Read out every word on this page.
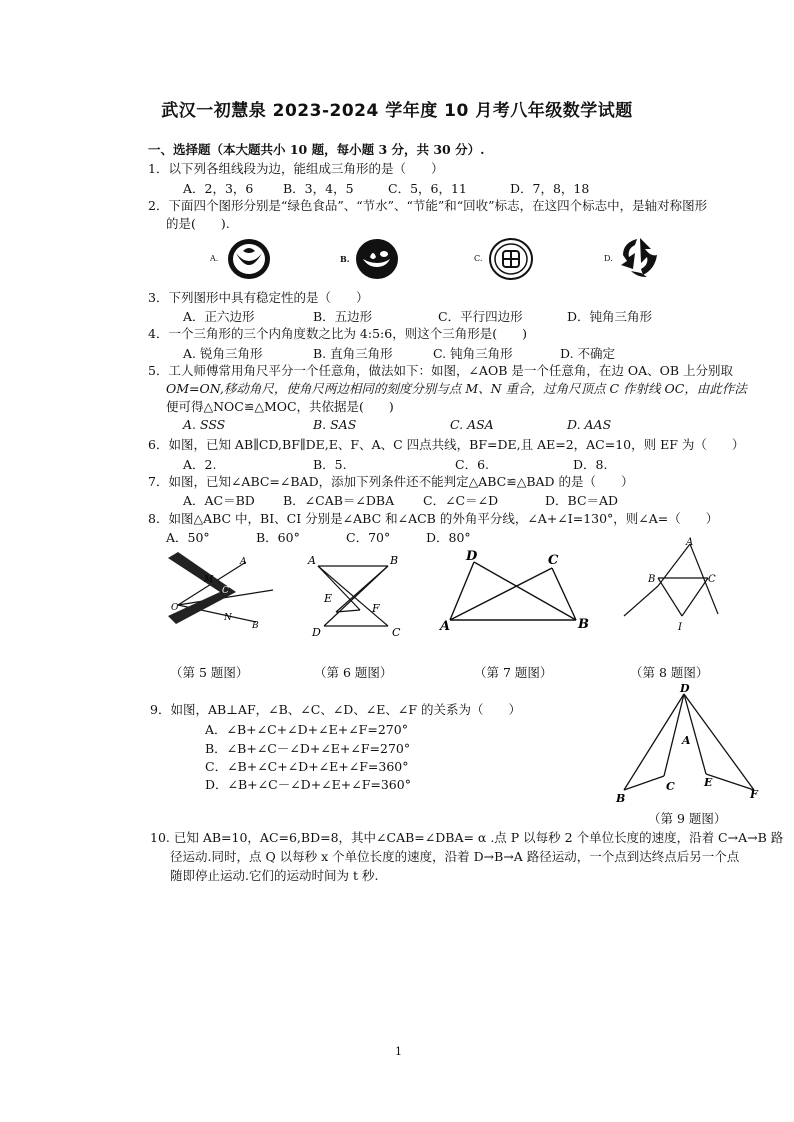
武汉一初慧泉 2023-2024 学年度 10 月考八年级数学试题
一、选择题（本大题共小 10 题，每小题 3 分，共 30 分）.
1．以下列各组线段为边，能组成三角形的是（　　）
A．2，3，6 B．3，4，5	C．5，6，11	D．7，8，18
2．下面四个图形分别是“绿色食品”、“节水”、“节能”和“回收”标志，在这四个标志中，是轴对称图形
的是(　　).
A.	B.	C.	D.
3．下列图形中具有稳定性的是（　　）
A．正六边形	B．五边形	C．平行四边形	D．钝角三角形
4．一个三角形的三个内角度数之比为 4:5:6，则这个三角形是(　　)
A. 锐角三角形	B. 直角三角形	C. 钝角三角形	D. 不确定
5．工人师傅常用角尺平分一个任意角，做法如下：如图，∠AOB 是一个任意角，在边 OA、OB 上分别取
OM=ON,移动角尺，使角尺两边相同的刻度分别与点 M、N 重合，过角尺顶点 C 作射线 OC，由此作法
便可得△NOC≌△MOC，共依据是(　　)
A. SSS	B. SAS	C. ASA	D. AAS
6．如图，已知 AB∥CD,BF∥DE,E、F、A、C 四点共线，BF=DE,且 AE=2，AC=10，则 EF 为（　　）
A．2.	B．5.	C．6.	D．8.
7．如图，已知∠ABC=∠BAD，添加下列条件还不能判定△ABC≌△BAD 的是（　　）
A．AC＝BD B．∠CAB＝∠DBA C．∠C＝∠D	D．BC＝AD
8．如图△ABC 中，BI、CI 分别是∠ABC 和∠ACB 的外角平分线，∠A+∠I=130°，则∠A=（　　）
A．50°	B．60°	C．70°	D．80°
A
M
C
O
N
B
A	B
E
F
D	C
D	C
A	B
A
B	C
I
（第 5 题图）	（第 6 题图）	（第 7 题图）	（第 8 题图）
9．如图，AB⊥AF，∠B、∠C、∠D、∠E、∠F 的关系为（　　）
A．∠B+∠C+∠D+∠E+∠F=270°
B．∠B+∠C－∠D+∠E+∠F=270°
C．∠B+∠C+∠D+∠E+∠F=360°
D．∠B+∠C－∠D+∠E+∠F=360°
D
A
B
C	E
F
（第 9 题图）
10. 已知 AB=10，AC=6,BD=8，其中∠CAB=∠DBA= α .点 P 以每秒 2 个单位长度的速度，沿着 C→A→B 路
径运动.同时，点 Q 以每秒 x 个单位长度的速度，沿着 D→B→A 路径运动，一个点到达终点后另一个点
随即停止运动.它们的运动时间为 t 秒.
1
